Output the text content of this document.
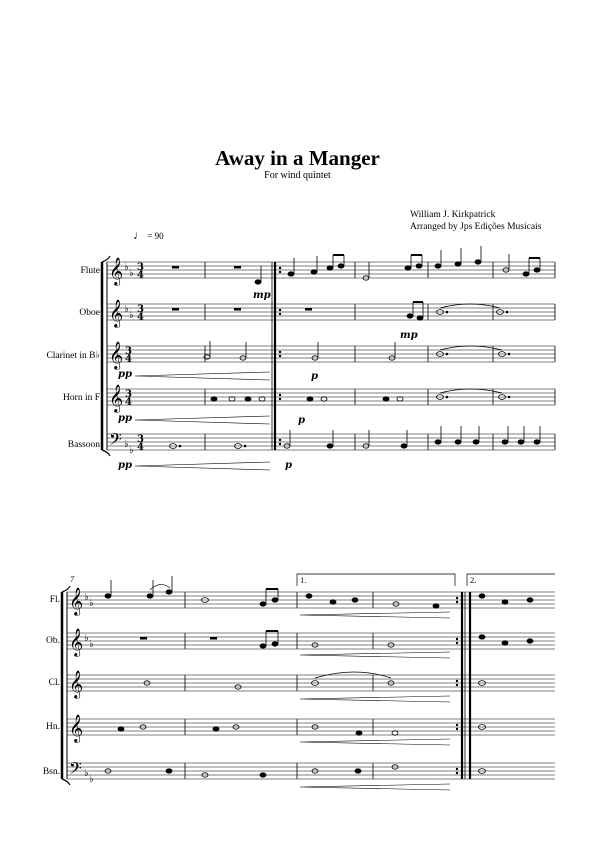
Away in a Manger
For wind quintet
William J. Kirkpatrick
Arranged by Jps Edições Musicais
♩ = 90
Flute
Oboe
Clarinet in B♭
Horn in F
Bassoon
Fl.
Ob.
Cl.
Hn.
Bsn.
7	1.	2.
𝄞
𝄞
𝄞
𝄞
𝄢
♭
♭
♭
♭
♭
♭
3
4
3
4
3
4
3
4
3
4
mp
mp
pp	p
pp	p
pp	p
𝄞
𝄞
𝄞
𝄞
𝄢
♭
♭
♭
♭
♭
♭
